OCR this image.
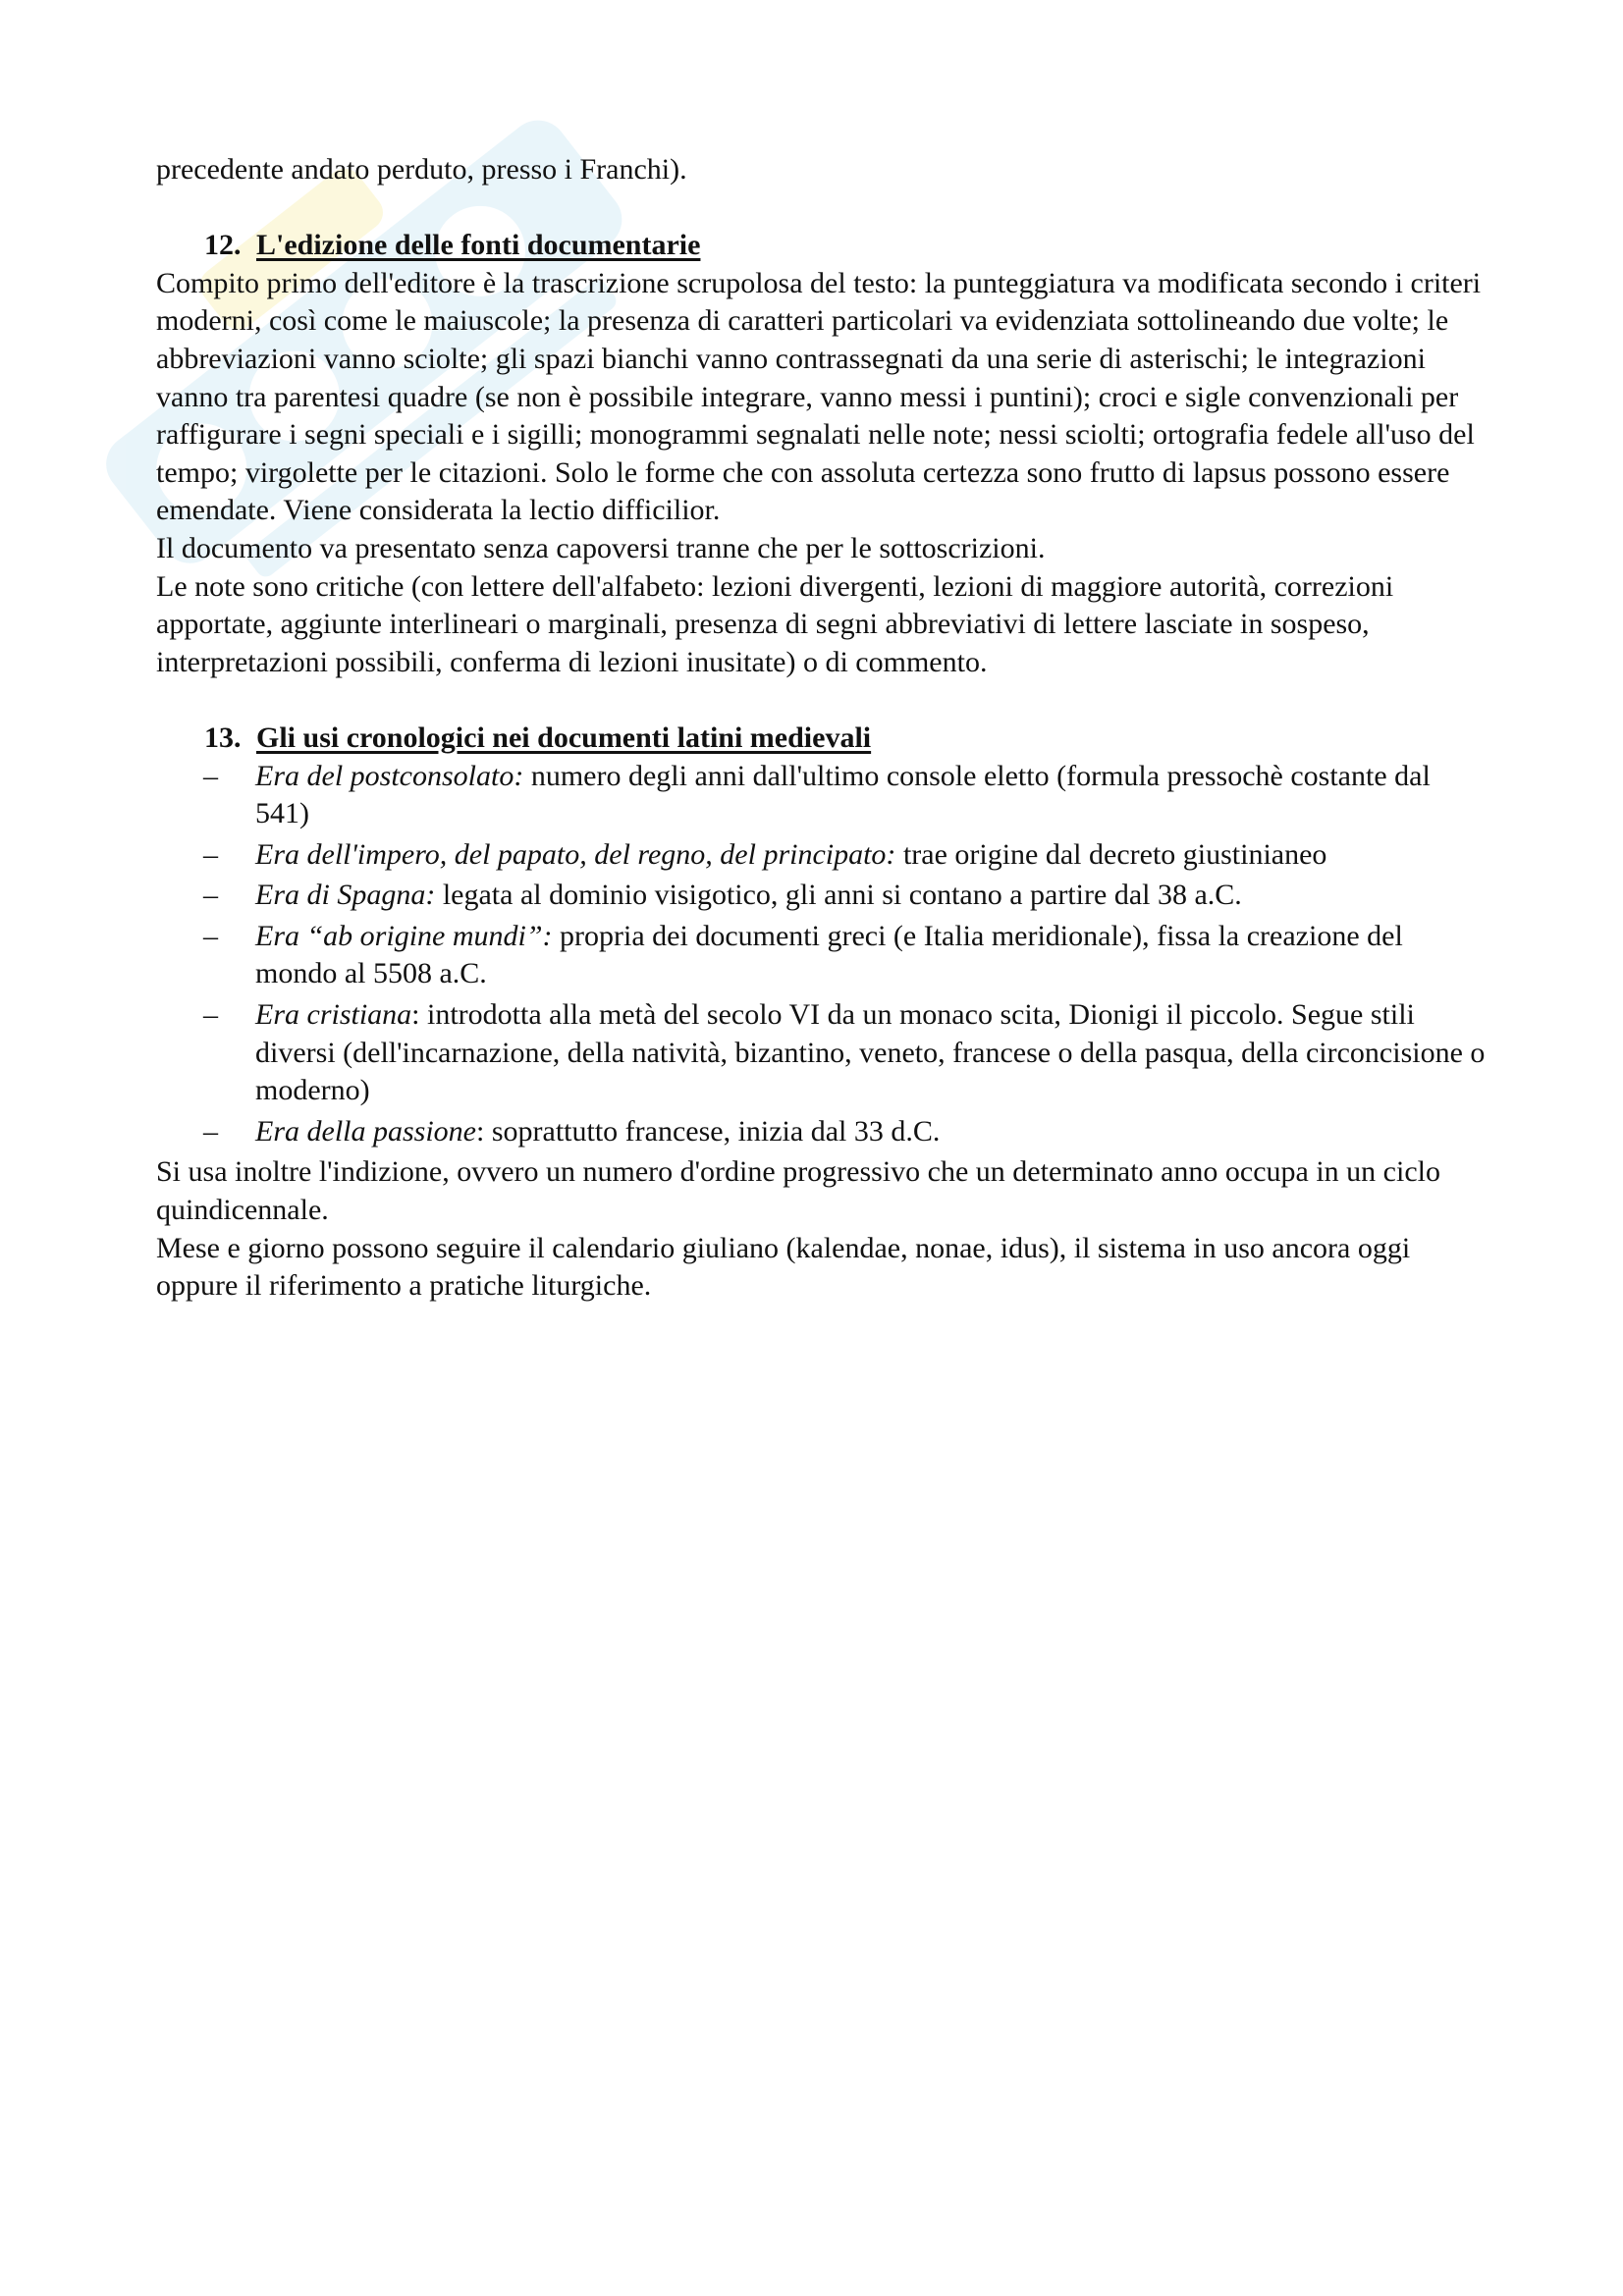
precedente andato perduto, presso i Franchi).

12. L'edizione delle fonti documentarie

Compito primo dell'editore è la trascrizione scrupolosa del testo: la punteggiatura va modificata secondo i criteri moderni, così come le maiuscole; la presenza di caratteri particolari va evidenziata sottolineando due volte; le abbreviazioni vanno sciolte; gli spazi bianchi vanno contrassegnati da una serie di asterischi; le integrazioni vanno tra parentesi quadre (se non è possibile integrare, vanno messi i puntini); croci e sigle convenzionali per raffigurare i segni speciali e i sigilli; monogrammi segnalati nelle note; nessi sciolti; ortografia fedele all'uso del tempo; virgolette per le citazioni. Solo le forme che con assoluta certezza sono frutto di lapsus possono essere emendate. Viene considerata la lectio difficilior.

Il documento va presentato senza capoversi tranne che per le sottoscrizioni.

Le note sono critiche (con lettere dell'alfabeto: lezioni divergenti, lezioni di maggiore autorità, correzioni apportate, aggiunte interlineari o marginali, presenza di segni abbreviativi di lettere lasciate in sospeso, interpretazioni possibili, conferma di lezioni inusitate) o di commento.

13. Gli usi cronologici nei documenti latini medievali
– Era del postconsolato: numero degli anni dall'ultimo console eletto (formula pressochè costante dal 541)
– Era dell'impero, del papato, del regno, del principato: trae origine dal decreto giustinianeo
– Era di Spagna: legata al dominio visigotico, gli anni si contano a partire dal 38 a.C.
– Era “ab origine mundi”: propria dei documenti greci (e Italia meridionale), fissa la creazione del mondo al 5508 a.C.
– Era cristiana: introdotta alla metà del secolo VI da un monaco scita, Dionigi il piccolo. Segue stili diversi (dell'incarnazione, della natività, bizantino, veneto, francese o della pasqua, della circoncisione o moderno)
– Era della passione: soprattutto francese, inizia dal 33 d.C.

Si usa inoltre l'indizione, ovvero un numero d'ordine progressivo che un determinato anno occupa in un ciclo quindicennale.

Mese e giorno possono seguire il calendario giuliano (kalendae, nonae, idus), il sistema in uso ancora oggi oppure il riferimento a pratiche liturgiche.
